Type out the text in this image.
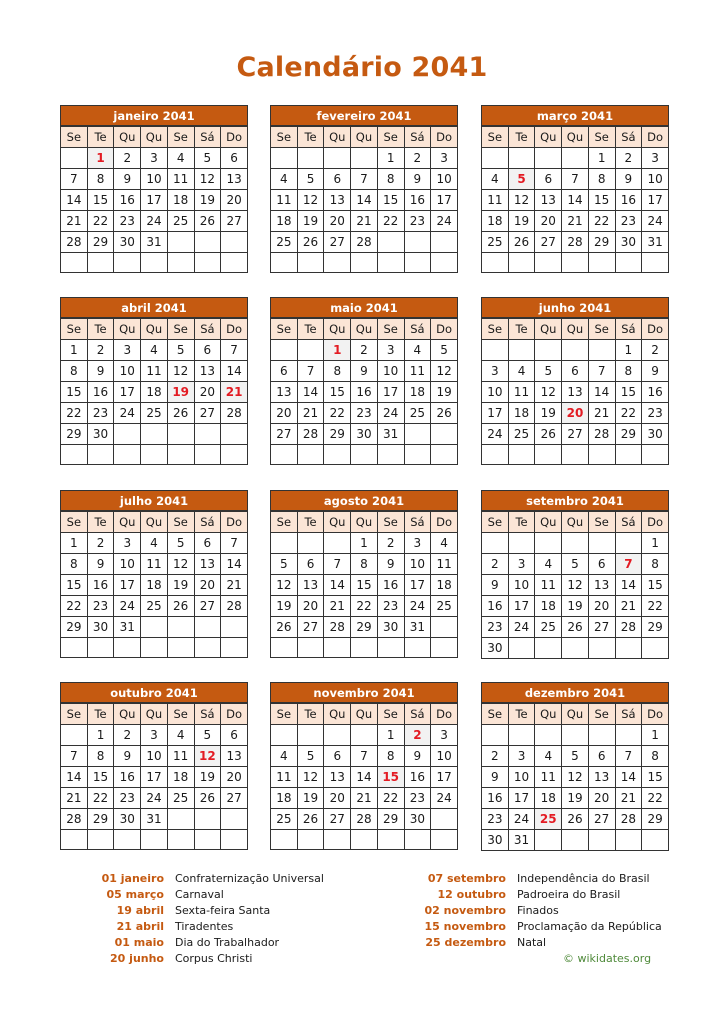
Calendário 2041
janeiro 2041
Se	Te	Qu	Qu	Se	Sá	Do
	1	2	3	4	5	6
7	8	9	10	11	12	13
14	15	16	17	18	19	20
21	22	23	24	25	26	27
28	29	30	31			

fevereiro 2041
Se	Te	Qu	Qu	Se	Sá	Do
				1	2	3
4	5	6	7	8	9	10
11	12	13	14	15	16	17
18	19	20	21	22	23	24
25	26	27	28			

março 2041
Se	Te	Qu	Qu	Se	Sá	Do
				1	2	3
4	5	6	7	8	9	10
11	12	13	14	15	16	17
18	19	20	21	22	23	24
25	26	27	28	29	30	31

abril 2041
Se	Te	Qu	Qu	Se	Sá	Do
1	2	3	4	5	6	7
8	9	10	11	12	13	14
15	16	17	18	19	20	21
22	23	24	25	26	27	28
29	30					

maio 2041
Se	Te	Qu	Qu	Se	Sá	Do
		1	2	3	4	5
6	7	8	9	10	11	12
13	14	15	16	17	18	19
20	21	22	23	24	25	26
27	28	29	30	31		

junho 2041
Se	Te	Qu	Qu	Se	Sá	Do
					1	2
3	4	5	6	7	8	9
10	11	12	13	14	15	16
17	18	19	20	21	22	23
24	25	26	27	28	29	30

julho 2041
Se	Te	Qu	Qu	Se	Sá	Do
1	2	3	4	5	6	7
8	9	10	11	12	13	14
15	16	17	18	19	20	21
22	23	24	25	26	27	28
29	30	31				

agosto 2041
Se	Te	Qu	Qu	Se	Sá	Do
			1	2	3	4
5	6	7	8	9	10	11
12	13	14	15	16	17	18
19	20	21	22	23	24	25
26	27	28	29	30	31	

setembro 2041
Se	Te	Qu	Qu	Se	Sá	Do
						1
2	3	4	5	6	7	8
9	10	11	12	13	14	15
16	17	18	19	20	21	22
23	24	25	26	27	28	29
30						
outubro 2041
Se	Te	Qu	Qu	Se	Sá	Do
	1	2	3	4	5	6
7	8	9	10	11	12	13
14	15	16	17	18	19	20
21	22	23	24	25	26	27
28	29	30	31			

novembro 2041
Se	Te	Qu	Qu	Se	Sá	Do
				1	2	3
4	5	6	7	8	9	10
11	12	13	14	15	16	17
18	19	20	21	22	23	24
25	26	27	28	29	30	

dezembro 2041
Se	Te	Qu	Qu	Se	Sá	Do
						1
2	3	4	5	6	7	8
9	10	11	12	13	14	15
16	17	18	19	20	21	22
23	24	25	26	27	28	29
30	31					
01 janeiro Confraternização Universal
05 março Carnaval
19 abril Sexta-feira Santa
21 abril Tiradentes
01 maio Dia do Trabalhador
20 junho Corpus Christi
07 setembro Independência do Brasil
12 outubro Padroeira do Brasil
02 novembro Finados
15 novembro Proclamação da República
25 dezembro Natal
© wikidates.org
